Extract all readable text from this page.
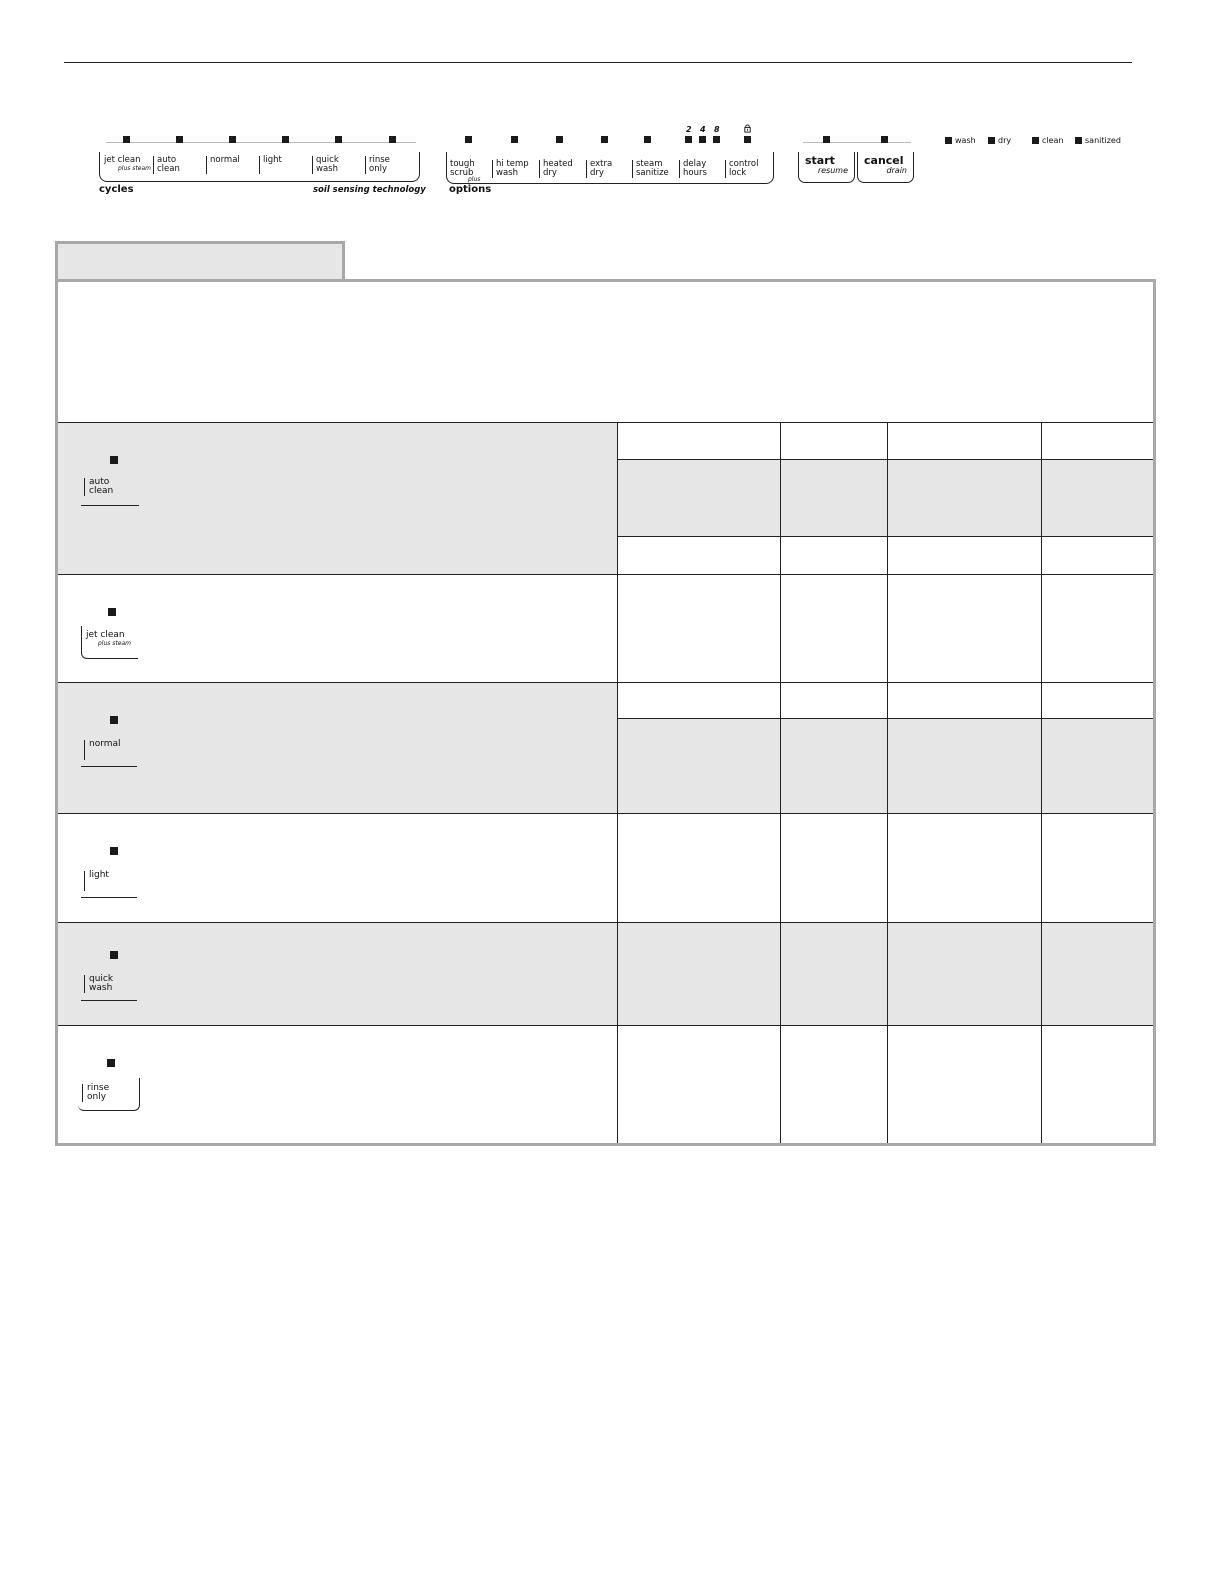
jet clean
plus steam
auto
clean
normal	light	quick
wash
rinse
only
cycles	soil sensing technology
2 4 8
tough
scrub
plus
hi temp
wash
heated
dry
extra
dry
steam
sanitize
delay
hours
control
lock
options
start
resume
cancel
drain
wash	dry	clean	sanitized
auto
clean
jet clean
plus steam
normal
light
quick
wash
rinse
only
